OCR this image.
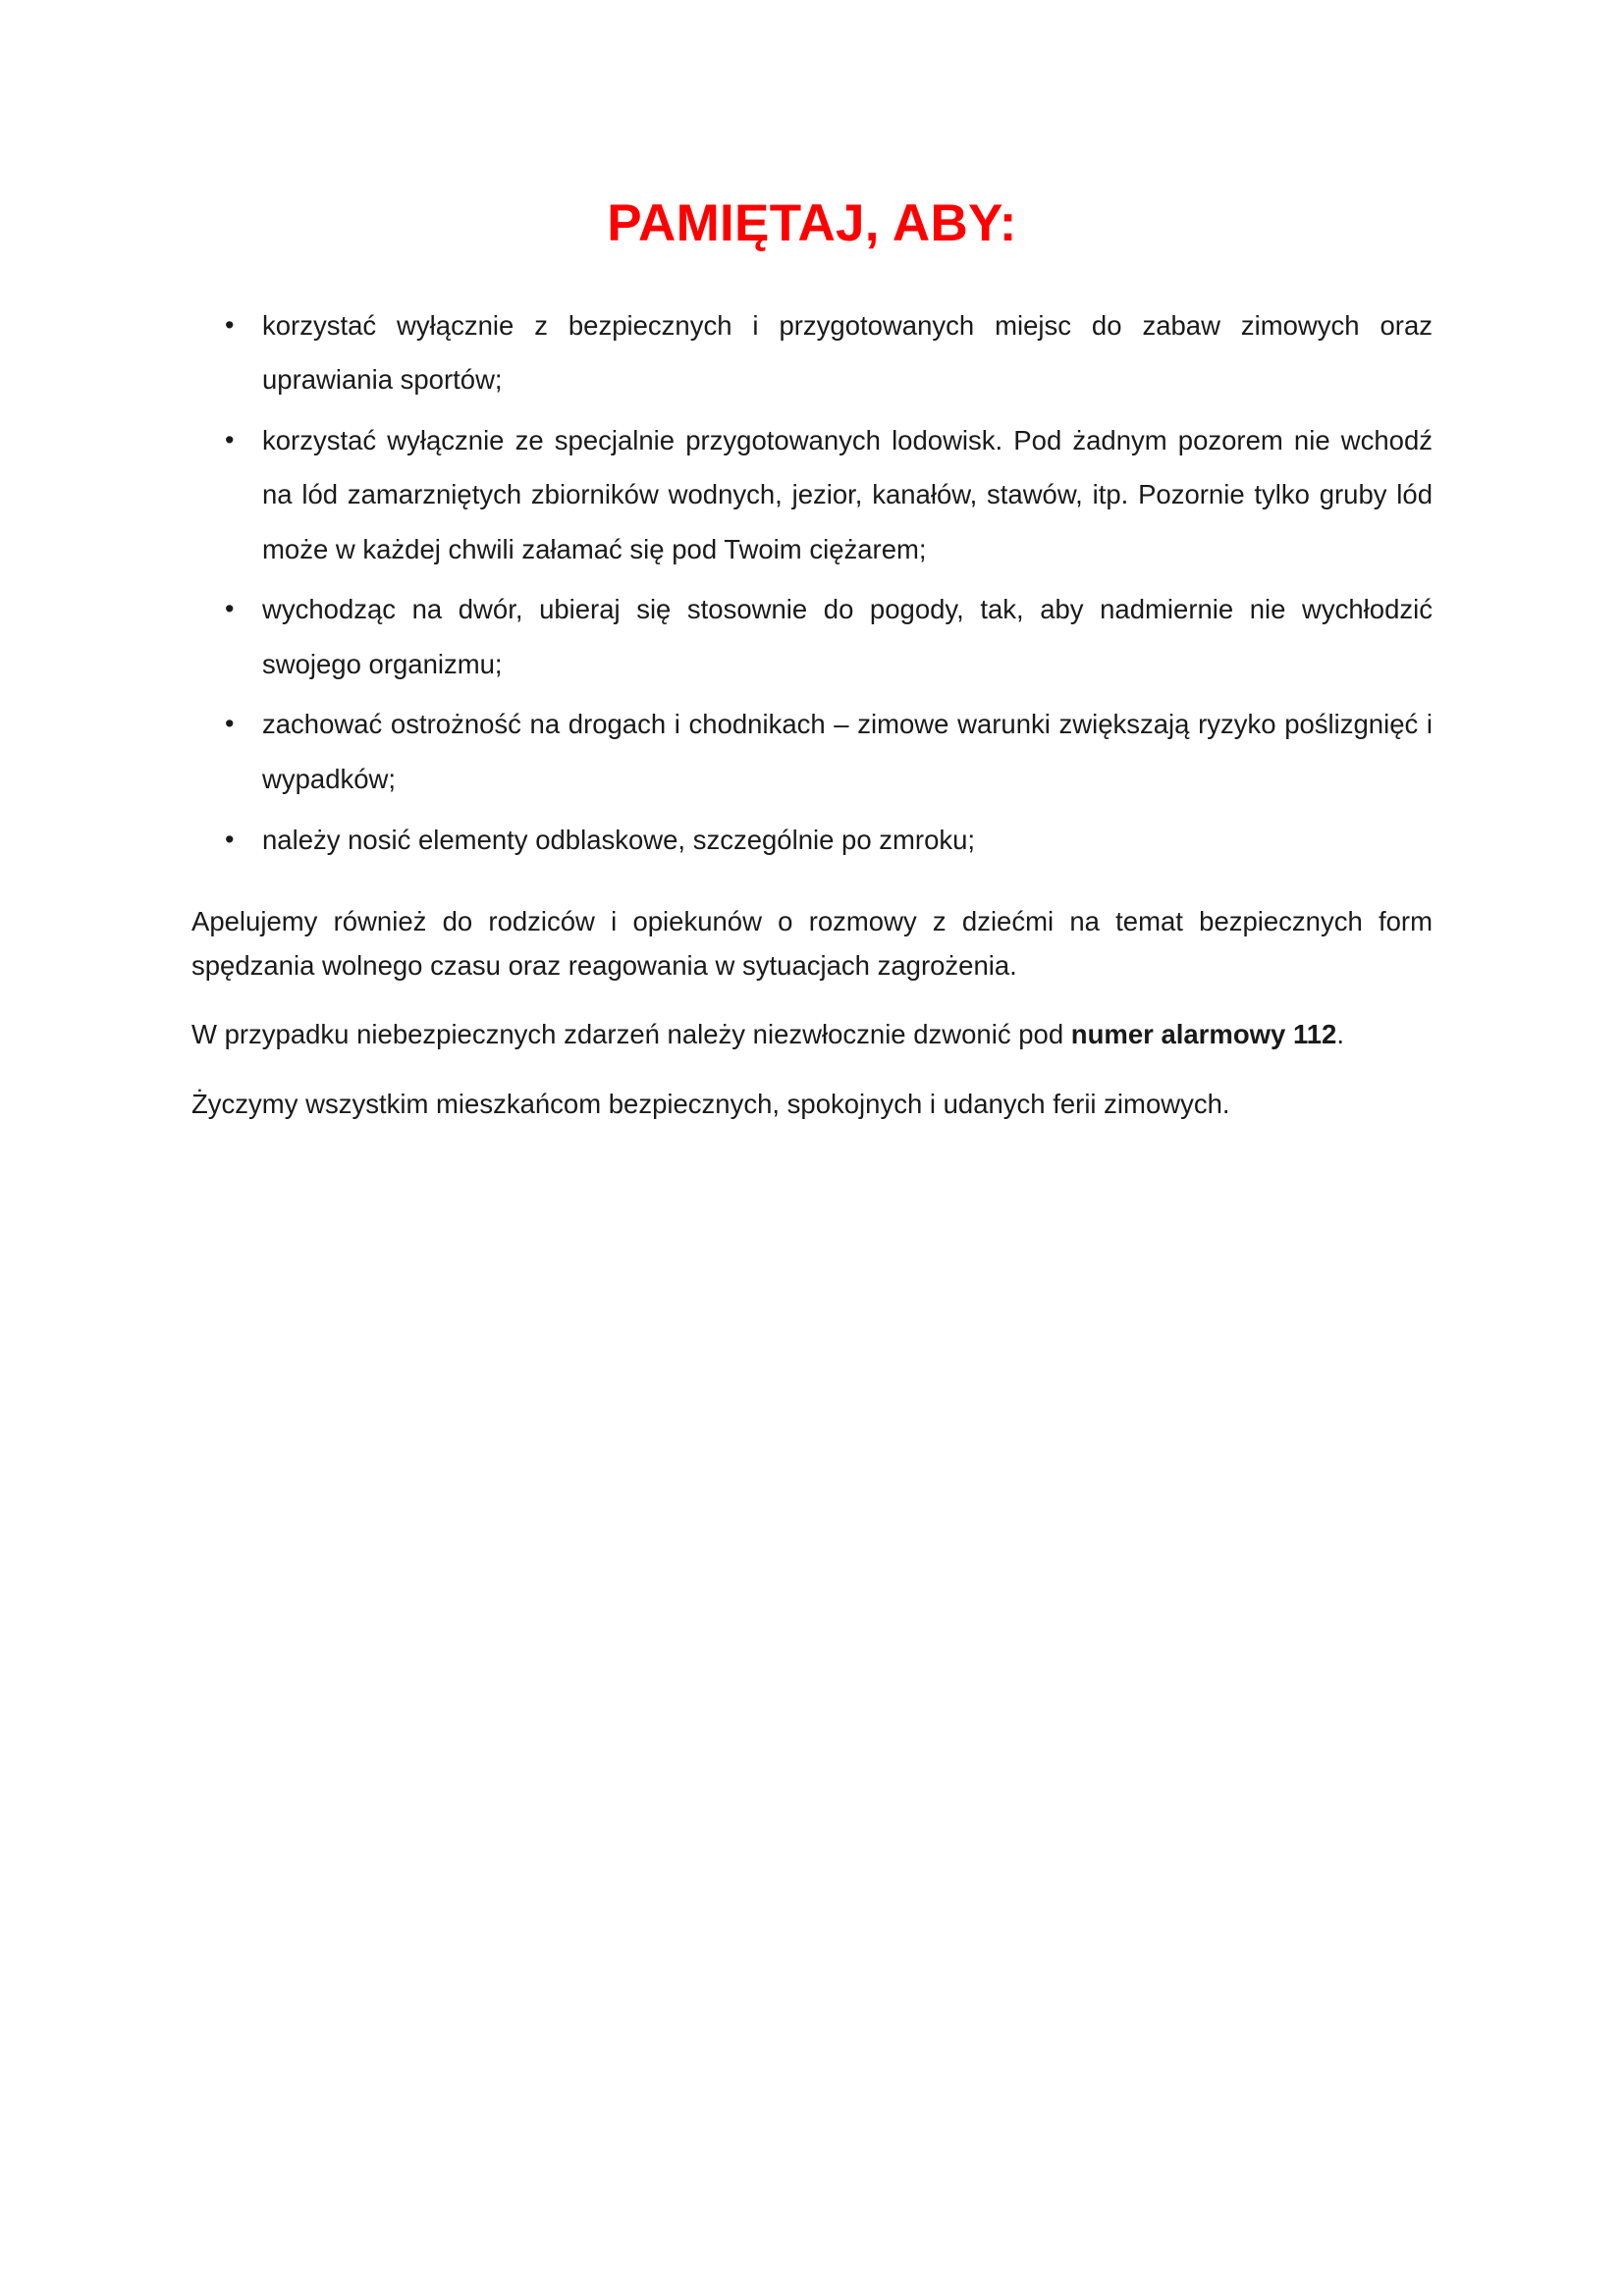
PAMIĘTAJ, ABY:
• korzystać wyłącznie z bezpiecznych i przygotowanych miejsc do zabaw zimowych oraz uprawiania sportów;
• korzystać wyłącznie ze specjalnie przygotowanych lodowisk. Pod żadnym pozorem nie wchodź na lód zamarzniętych zbiorników wodnych, jezior, kanałów, stawów, itp. Pozornie tylko gruby lód może w każdej chwili załamać się pod Twoim ciężarem;
• wychodząc na dwór, ubieraj się stosownie do pogody, tak, aby nadmiernie nie wychłodzić swojego organizmu;
• zachować ostrożność na drogach i chodnikach – zimowe warunki zwiększają ryzyko poślizgnięć i wypadków;
• należy nosić elementy odblaskowe, szczególnie po zmroku;

Apelujemy również do rodziców i opiekunów o rozmowy z dziećmi na temat bezpiecznych form spędzania wolnego czasu oraz reagowania w sytuacjach zagrożenia.

W przypadku niebezpiecznych zdarzeń należy niezwłocznie dzwonić pod numer alarmowy 112.

Życzymy wszystkim mieszkańcom bezpiecznych, spokojnych i udanych ferii zimowych.
